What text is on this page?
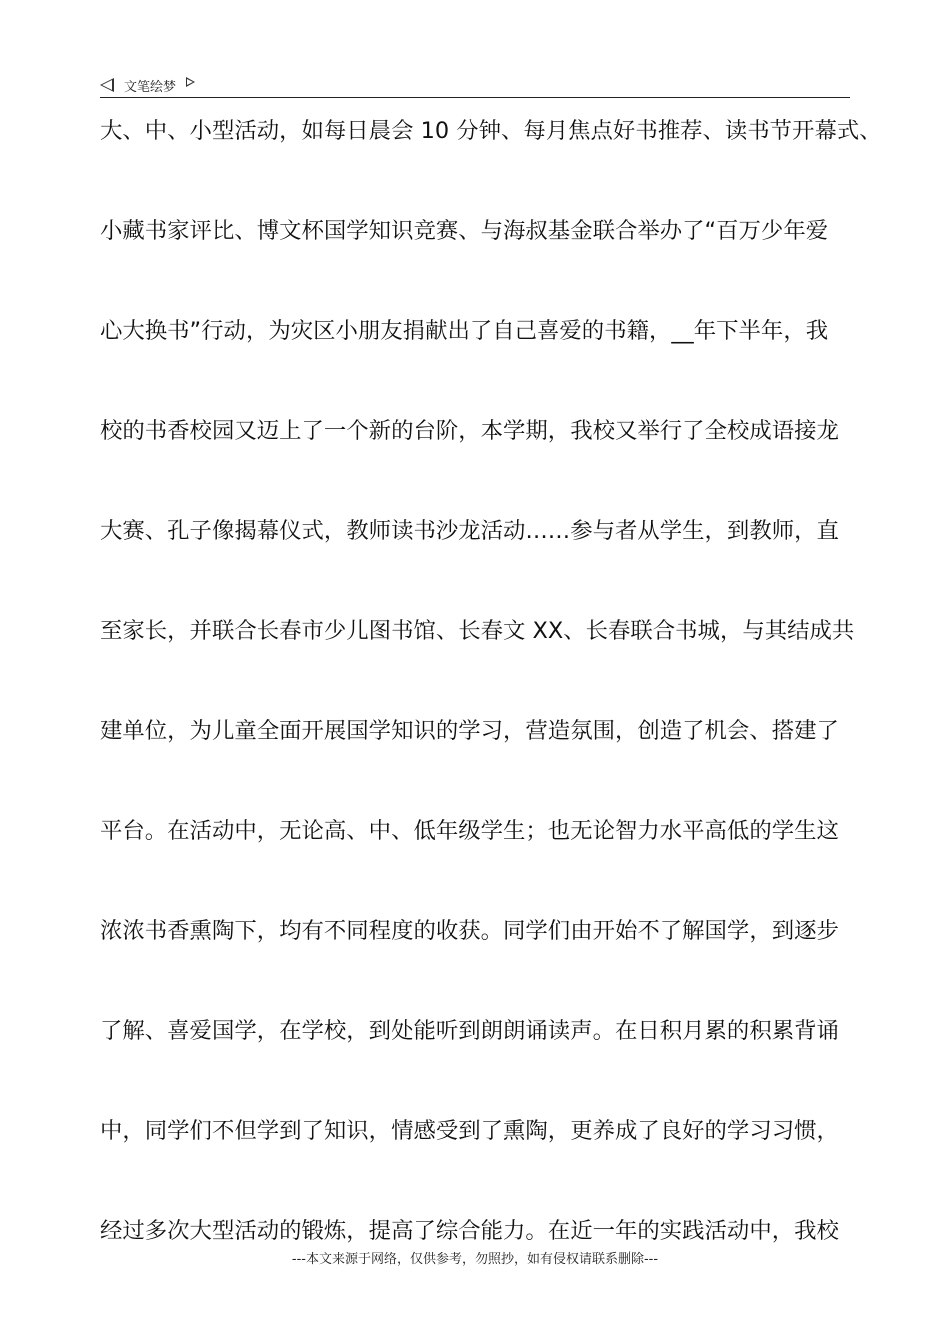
文笔绘梦
大、中、小型活动，如每日晨会 10 分钟、每月焦点好书推荐、读书节开幕式、
小藏书家评比、博文杯国学知识竞赛、与海叔基金联合举办了“百万少年爱
心大换书”行动，为灾区小朋友捐献出了自己喜爱的书籍，__年下半年，我
校的书香校园又迈上了一个新的台阶，本学期，我校又举行了全校成语接龙
大赛、孔子像揭幕仪式，教师读书沙龙活动……参与者从学生，到教师，直
至家长，并联合长春市少儿图书馆、长春文 XX、长春联合书城，与其结成共
建单位，为儿童全面开展国学知识的学习，营造氛围，创造了机会、搭建了
平台。在活动中，无论高、中、低年级学生；也无论智力水平高低的学生这
浓浓书香熏陶下，均有不同程度的收获。同学们由开始不了解国学，到逐步
了解、喜爱国学，在学校，到处能听到朗朗诵读声。在日积月累的积累背诵
中，同学们不但学到了知识，情感受到了熏陶，更养成了良好的学习习惯，
经过多次大型活动的锻炼，提高了综合能力。在近一年的实践活动中，我校
---本文来源于网络，仅供参考，勿照抄，如有侵权请联系删除---
